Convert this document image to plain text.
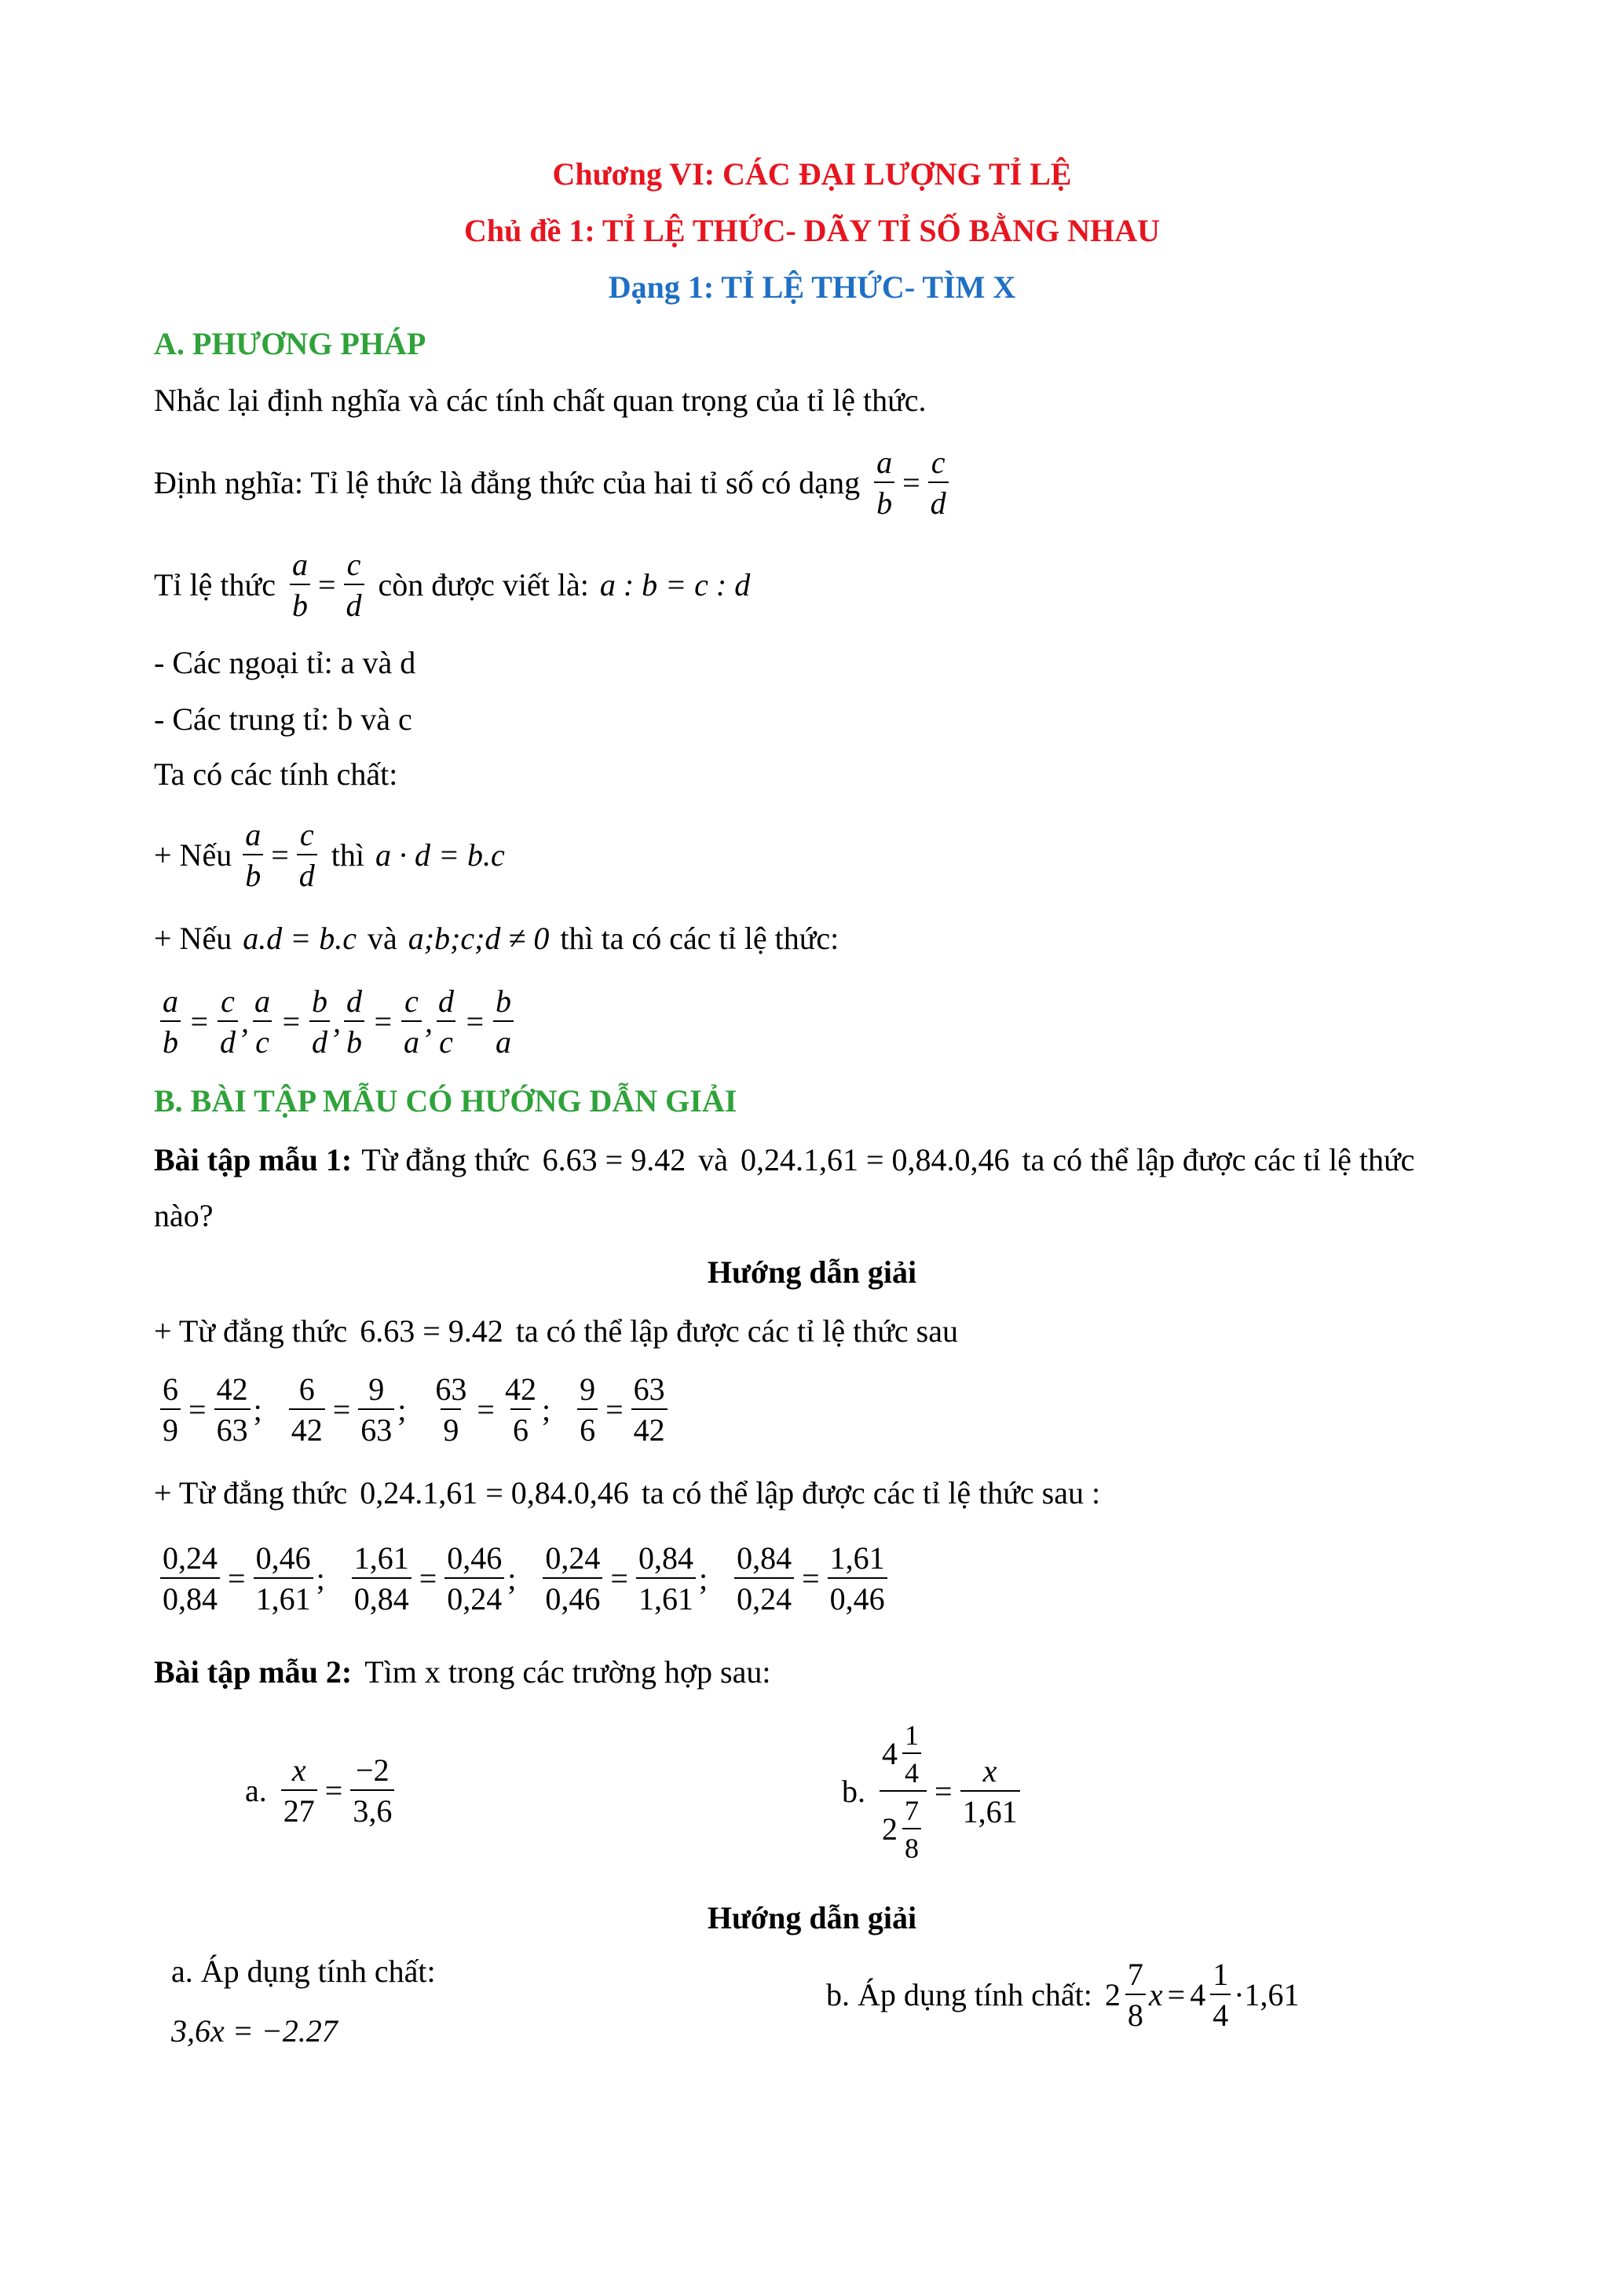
Chương VI: CÁC ĐẠI LƯỢNG TỈ LỆ
Chủ đề 1: TỈ LỆ THỨC- DÃY TỈ SỐ BẰNG NHAU
Dạng 1: TỈ LỆ THỨC- TÌM X
A. PHƯƠNG PHÁP
Nhắc lại định nghĩa và các tính chất quan trọng của tỉ lệ thức.
Định nghĩa: Tỉ lệ thức là đẳng thức của hai tỉ số có dạng $\frac{a}{b} = \frac{c}{d}$
Tỉ lệ thức $\frac{a}{b} = \frac{c}{d}$ còn được viết là: a : b = c : d
- Các ngoại tỉ: a và d
- Các trung tỉ: b và c
Ta có các tính chất:
+ Nếu $\frac{a}{b} = \frac{c}{d}$ thì a · d = b.c
+ Nếu a.d = b.c và a;b;c;d ≠ 0 thì ta có các tỉ lệ thức:
$\frac{a}{b} = \frac{c}{d}$ , $\frac{a}{c} = \frac{b}{d}$ , $\frac{d}{b} = \frac{c}{a}$ , $\frac{d}{c} = \frac{b}{a}$
B. BÀI TẬP MẪU CÓ HƯỚNG DẪN GIẢI
Bài tập mẫu 1: Từ đẳng thức 6.63 = 9.42 và 0,24.1,61 = 0,84.0,46 ta có thể lập được các tỉ lệ thức
nào?
Hướng dẫn giải
+ Từ đẳng thức 6.63 = 9.42 ta có thể lập được các tỉ lệ thức sau
$\frac{6}{9} = \frac{42}{63}$ ; $\frac{6}{42} = \frac{9}{63}$ ; $\frac{63}{9} = \frac{42}{6}$ ; $\frac{9}{6} = \frac{63}{42}$
+ Từ đẳng thức 0,24.1,61 = 0,84.0,46 ta có thể lập được các tỉ lệ thức sau :
$\frac{0,24}{0,84} = \frac{0,46}{1,61}$ ; $\frac{1,61}{0,84} = \frac{0,46}{0,24}$ ; $\frac{0,24}{0,46} = \frac{0,84}{1,61}$ ; $\frac{0,84}{0,24} = \frac{1,61}{0,46}$
Bài tập mẫu 2: Tìm x trong các trường hợp sau:
a. $\frac{x}{27} = \frac{-2}{3,6}$	b. 4
1
4
2
7
$8 = \frac{x}{1,61}$
Hướng dẫn giải
a. Áp dụng tính chất:
3,6x = −2.27
b. Áp dụng tính chất: 2
7
8
x = 4
1
4
·1,61
